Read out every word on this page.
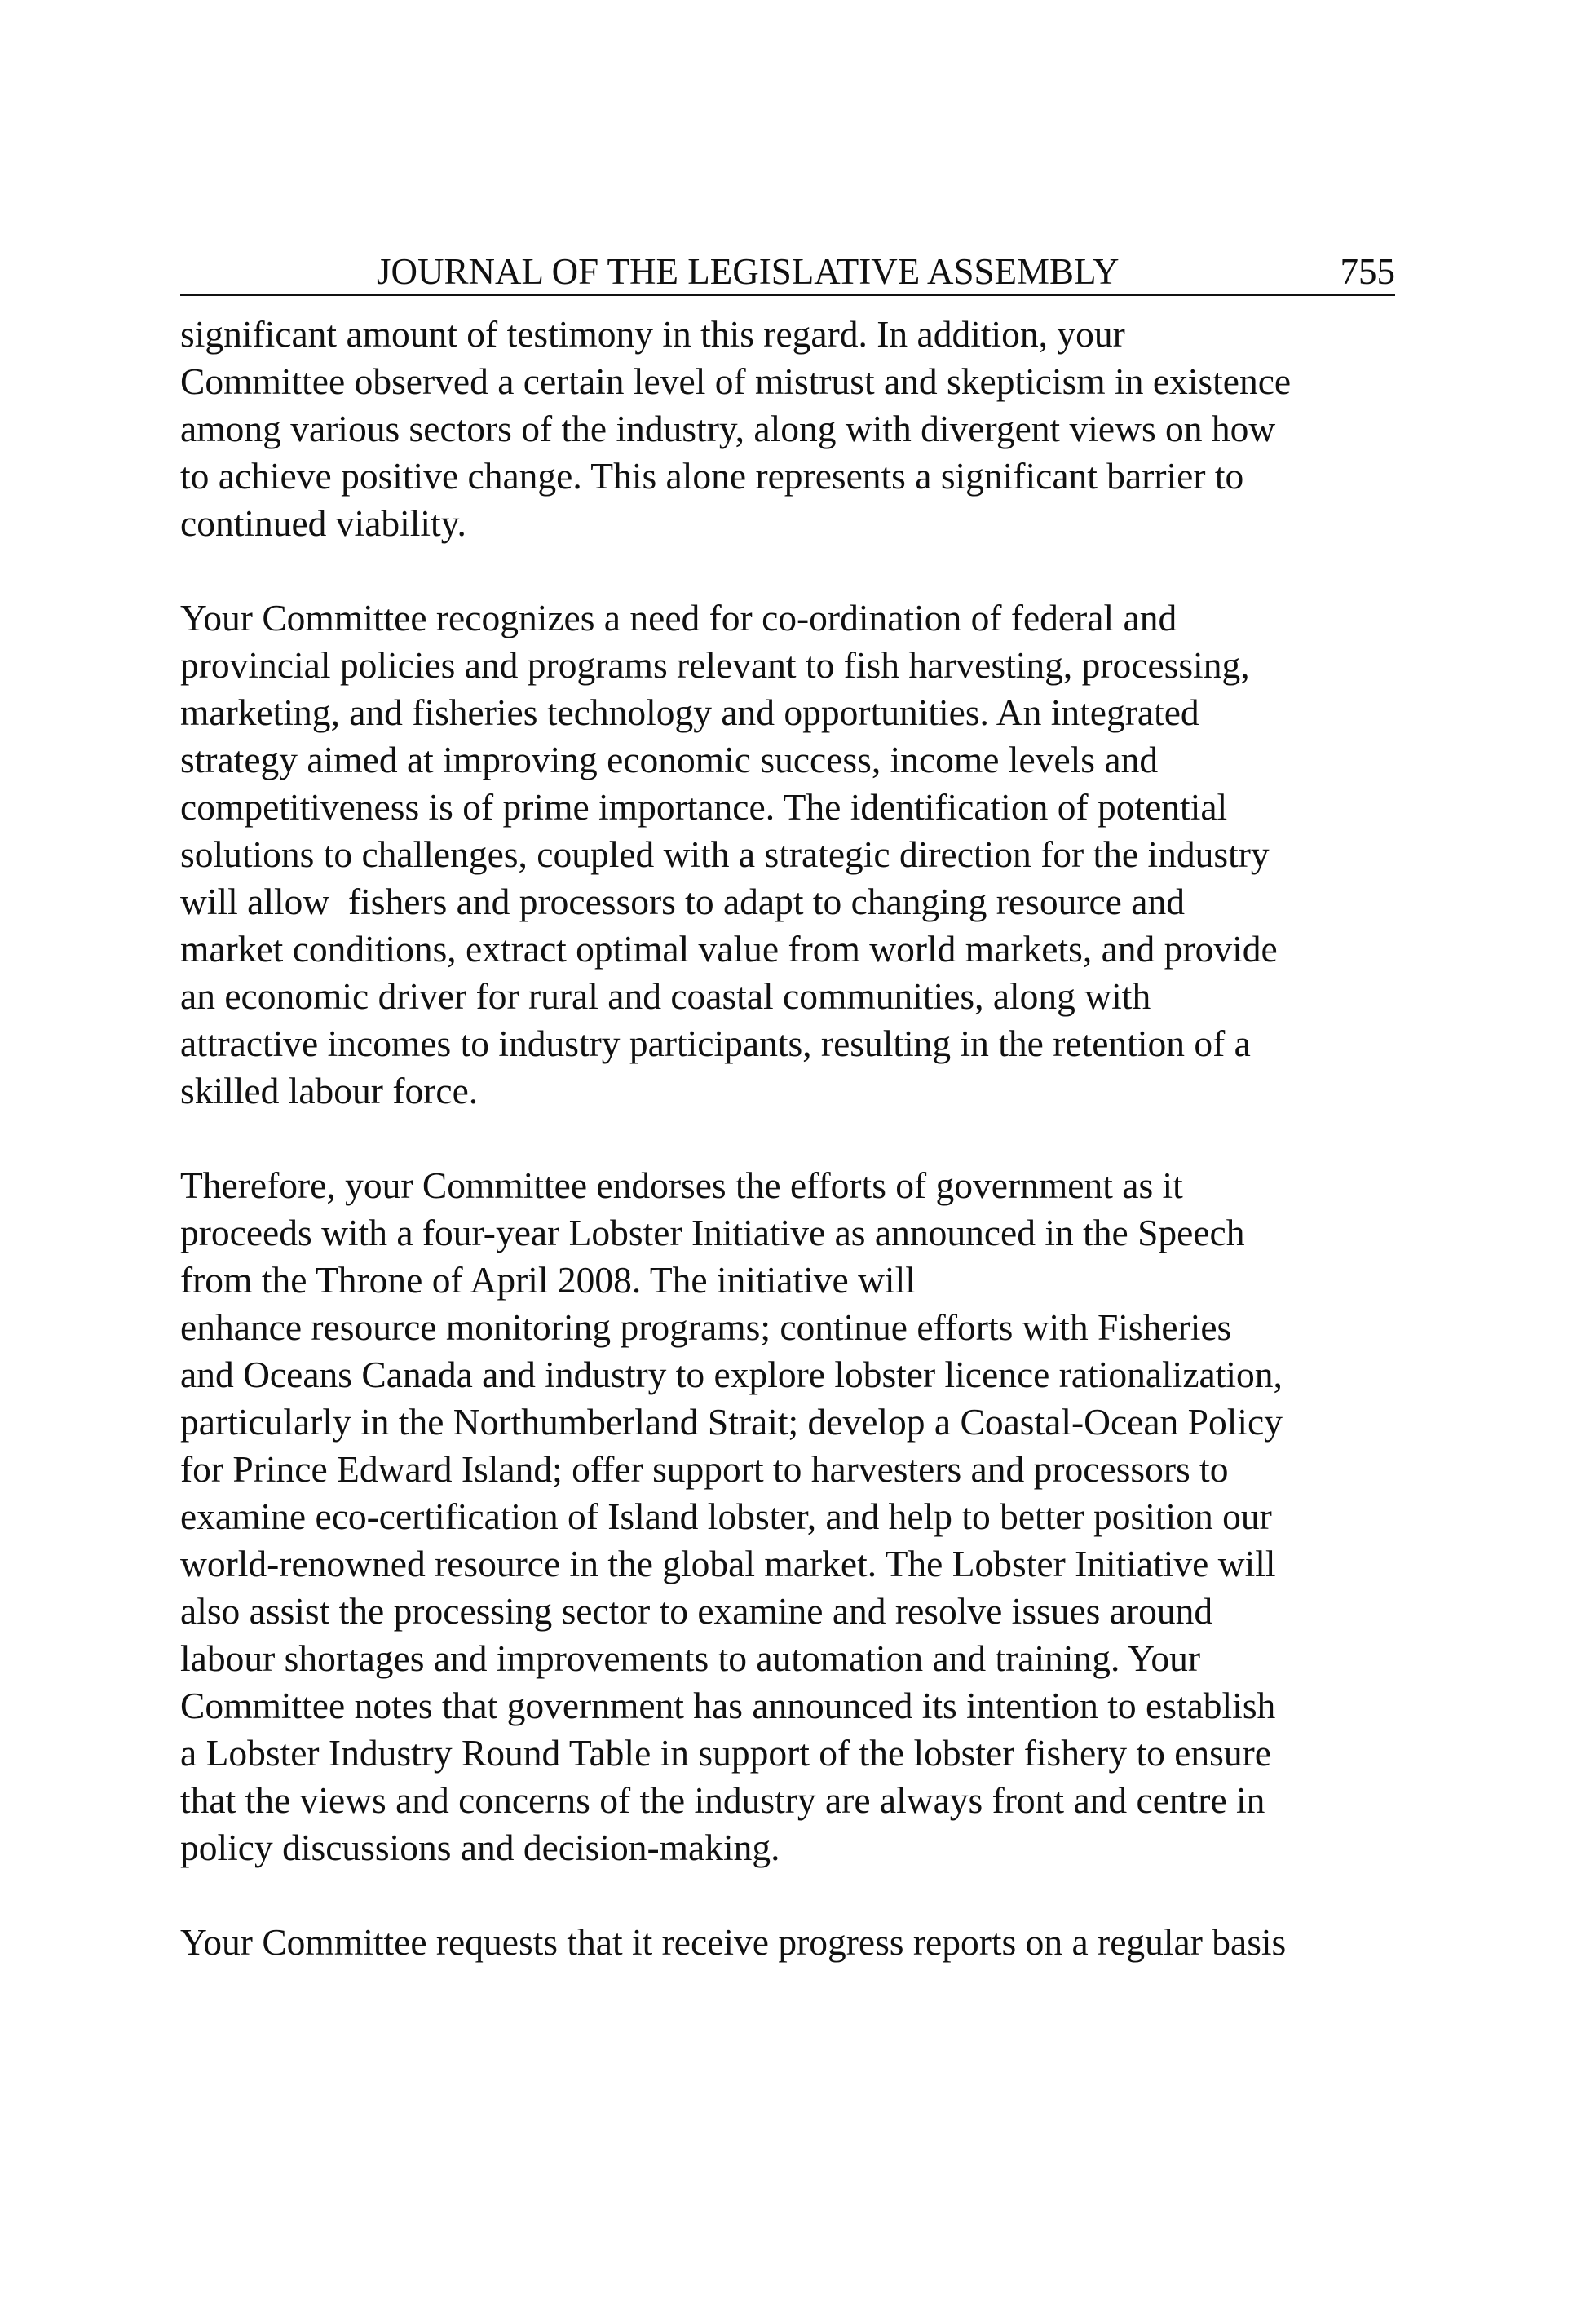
JOURNAL OF THE LEGISLATIVE ASSEMBLY	755

significant amount of testimony in this regard. In addition, your
Committee observed a certain level of mistrust and skepticism in existence
among various sectors of the industry, along with divergent views on how
to achieve positive change. This alone represents a significant barrier to
continued viability.

Your Committee recognizes a need for co-ordination of federal and
provincial policies and programs relevant to fish harvesting, processing,
marketing, and fisheries technology and opportunities. An integrated
strategy aimed at improving economic success, income levels and
competitiveness is of prime importance. The identification of potential
solutions to challenges, coupled with a strategic direction for the industry
will allow  fishers and processors to adapt to changing resource and
market conditions, extract optimal value from world markets, and provide
an economic driver for rural and coastal communities, along with
attractive incomes to industry participants, resulting in the retention of a
skilled labour force.

Therefore, your Committee endorses the efforts of government as it
proceeds with a four-year Lobster Initiative as announced in the Speech
from the Throne of April 2008. The initiative will
enhance resource monitoring programs; continue efforts with Fisheries
and Oceans Canada and industry to explore lobster licence rationalization,
particularly in the Northumberland Strait; develop a Coastal-Ocean Policy
for Prince Edward Island; offer support to harvesters and processors to
examine eco-certification of Island lobster, and help to better position our
world-renowned resource in the global market. The Lobster Initiative will
also assist the processing sector to examine and resolve issues around
labour shortages and improvements to automation and training. Your
Committee notes that government has announced its intention to establish
a Lobster Industry Round Table in support of the lobster fishery to ensure
that the views and concerns of the industry are always front and centre in
policy discussions and decision-making.

Your Committee requests that it receive progress reports on a regular basis
